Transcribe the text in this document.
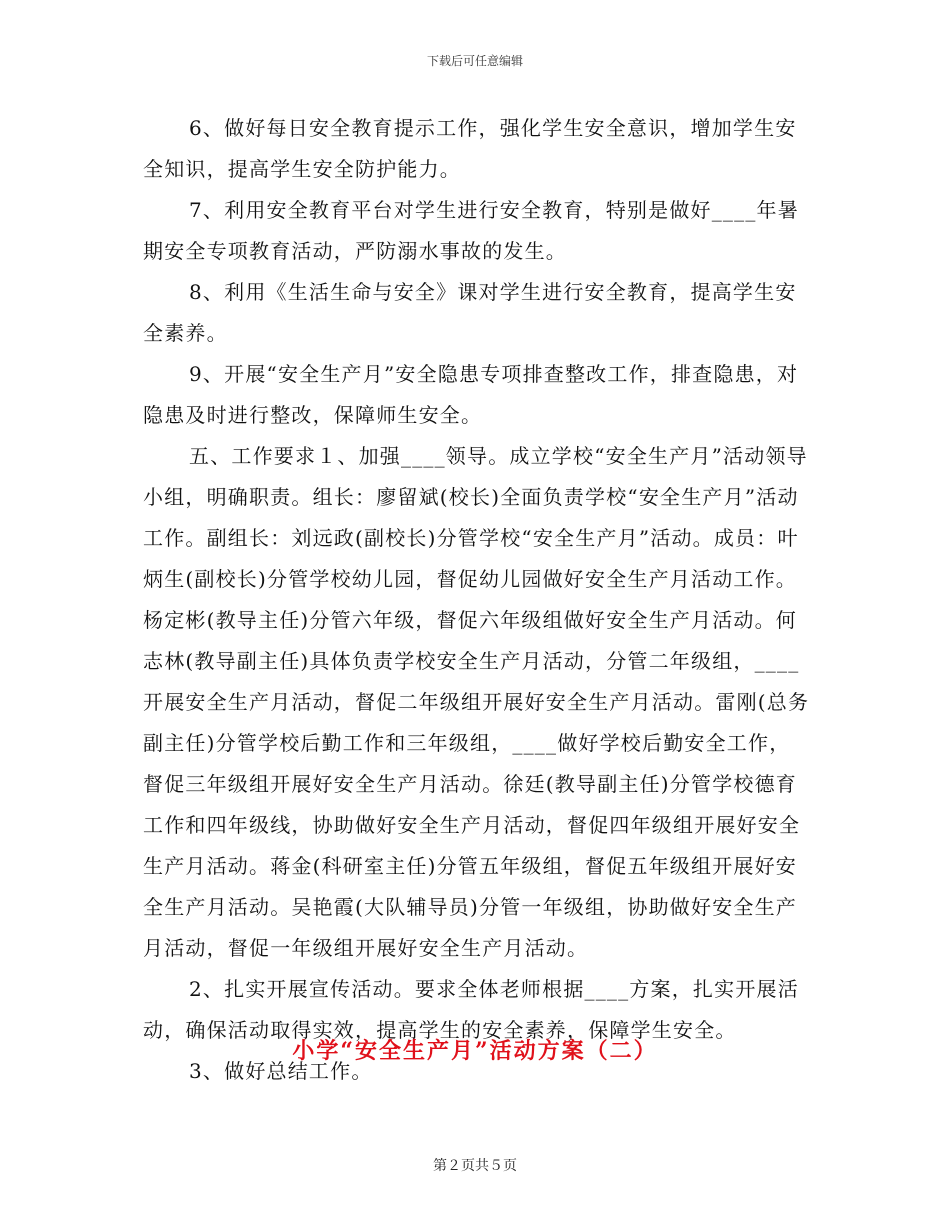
下载后可任意编辑

6、做好每日安全教育提示工作，强化学生安全意识，增加学生安全知识，提高学生安全防护能力。

7、利用安全教育平台对学生进行安全教育，特别是做好____年暑期安全专项教育活动，严防溺水事故的发生。

8、利用《生活生命与安全》课对学生进行安全教育，提高学生安全素养。

9、开展“安全生产月”安全隐患专项排查整改工作，排查隐患，对隐患及时进行整改，保障师生安全。

五、工作要求１、加强____领导。成立学校“安全生产月”活动领导小组，明确职责。组长：廖留斌(校长)全面负责学校“安全生产月”活动工作。副组长：刘远政(副校长)分管学校“安全生产月”活动。成员：叶炳生(副校长)分管学校幼儿园，督促幼儿园做好安全生产月活动工作。杨定彬(教导主任)分管六年级，督促六年级组做好安全生产月活动。何志林(教导副主任)具体负责学校安全生产月活动，分管二年级组，____开展安全生产月活动，督促二年级组开展好安全生产月活动。雷刚(总务副主任)分管学校后勤工作和三年级组，____做好学校后勤安全工作，督促三年级组开展好安全生产月活动。徐廷(教导副主任)分管学校德育工作和四年级线，协助做好安全生产月活动，督促四年级组开展好安全生产月活动。蒋金(科研室主任)分管五年级组，督促五年级组开展好安全生产月活动。吴艳霞(大队辅导员)分管一年级组，协助做好安全生产月活动，督促一年级组开展好安全生产月活动。

2、扎实开展宣传活动。要求全体老师根据____方案，扎实开展活动，确保活动取得实效，提高学生的安全素养，保障学生安全。

3、做好总结工作。

小学“安全生产月”活动方案（二）
第２页共５页
